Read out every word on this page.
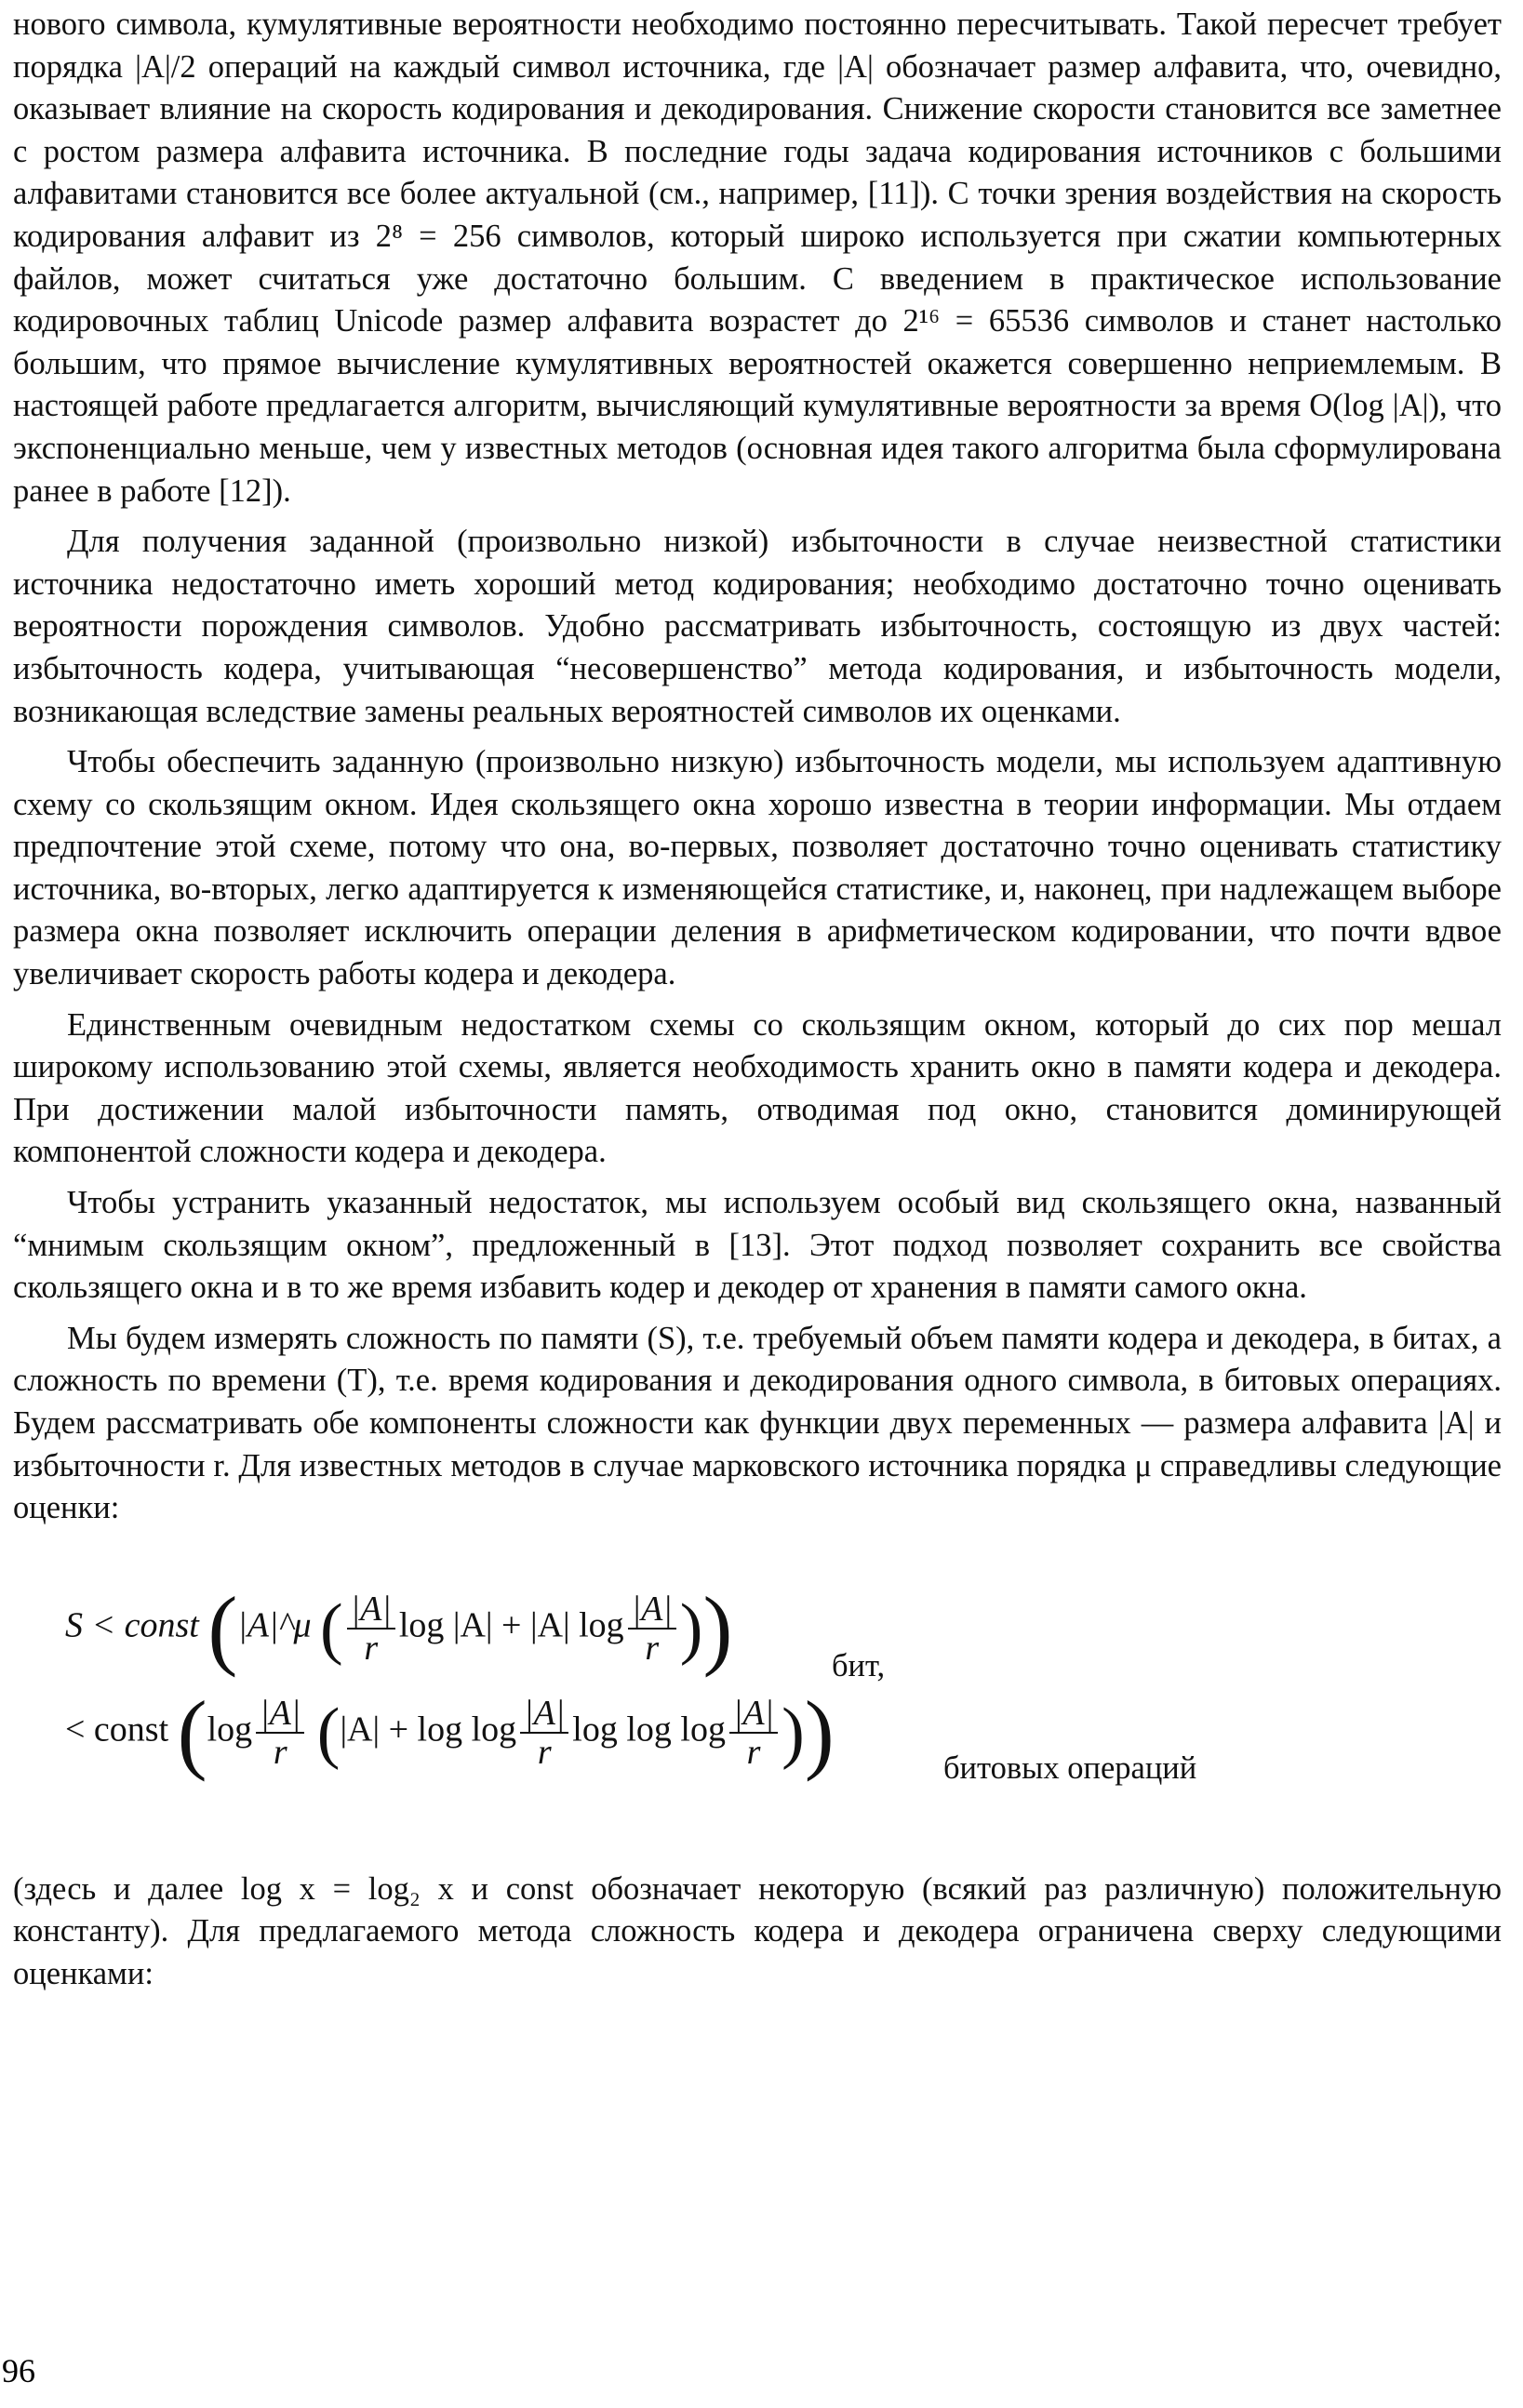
нового символа, кумулятивные вероятности необходимо постоянно пересчитывать. Такой пересчет требует порядка |A|/2 операций на каждый символ источника, где |A| обозначает размер алфавита, что, очевидно, оказывает влияние на скорость кодирования и декодирования. Снижение скорости становится все заметнее с ростом размера алфавита источника. В последние годы задача кодирования источников с большими алфавитами становится все более актуальной (см., например, [11]). С точки зрения воздействия на скорость кодирования алфавит из 2⁸ = 256 символов, который широко используется при сжатии компьютерных файлов, может считаться уже достаточно большим. С введением в практическое использование кодировочных таблиц Unicode размер алфавита возрастет до 2¹⁶ = 65536 символов и станет настолько большим, что прямое вычисление кумулятивных вероятностей окажется совершенно неприемлемым. В настоящей работе предлагается алгоритм, вычисляющий кумулятивные вероятности за время O(log |A|), что экспоненциально меньше, чем у известных методов (основная идея такого алгоритма была сформулирована ранее в работе [12]).

Для получения заданной (произвольно низкой) избыточности в случае неизвестной статистики источника недостаточно иметь хороший метод кодирования; необходимо достаточно точно оценивать вероятности порождения символов. Удобно рассматривать избыточность, состоящую из двух частей: избыточность кодера, учитывающая “несовершенство” метода кодирования, и избыточность модели, возникающая вследствие замены реальных вероятностей символов их оценками.

Чтобы обеспечить заданную (произвольно низкую) избыточность модели, мы используем адаптивную схему со скользящим окном. Идея скользящего окна хорошо известна в теории информации. Мы отдаем предпочтение этой схеме, потому что она, во-первых, позволяет достаточно точно оценивать статистику источника, во-вторых, легко адаптируется к изменяющейся статистике, и, наконец, при надлежащем выборе размера окна позволяет исключить операции деления в арифметическом кодировании, что почти вдвое увеличивает скорость работы кодера и декодера.

Единственным очевидным недостатком схемы со скользящим окном, который до сих пор мешал широкому использованию этой схемы, является необходимость хранить окно в памяти кодера и декодера. При достижении малой избыточности память, отводимая под окно, становится доминирующей компонентой сложности кодера и декодера.

Чтобы устранить указанный недостаток, мы используем особый вид скользящего окна, названный “мнимым скользящим окном”, предложенный в [13]. Этот подход позволяет сохранить все свойства скользящего окна и в то же время избавить кодер и декодер от хранения в памяти самого окна.

Мы будем измерять сложность по памяти (S), т.е. требуемый объем памяти кодера и декодера, в битах, а сложность по времени (T), т.е. время кодирования и декодирования одного символа, в битовых операциях. Будем рассматривать обе компоненты сложности как функции двух переменных — размера алфавита |A| и избыточности r. Для известных методов в случае марковского источника порядка μ справедливы следующие оценки:

S < const (|A|^μ ( $\frac{|A|}{r}$ log |A| + |A| $\log \frac{|A|}{r}$ ))	бит,
< const ($\log \frac{|A|}{r} (|A| + \log \log \frac{|A|}{r}$ $\log \log \log \frac{|A|}{r}$ ))	битовых операций

(здесь и далее log x = log₂ x и const обозначает некоторую (всякий раз различную) положительную константу). Для предлагаемого метода сложность кодера и декодера ограничена сверху следующими оценками:

96
